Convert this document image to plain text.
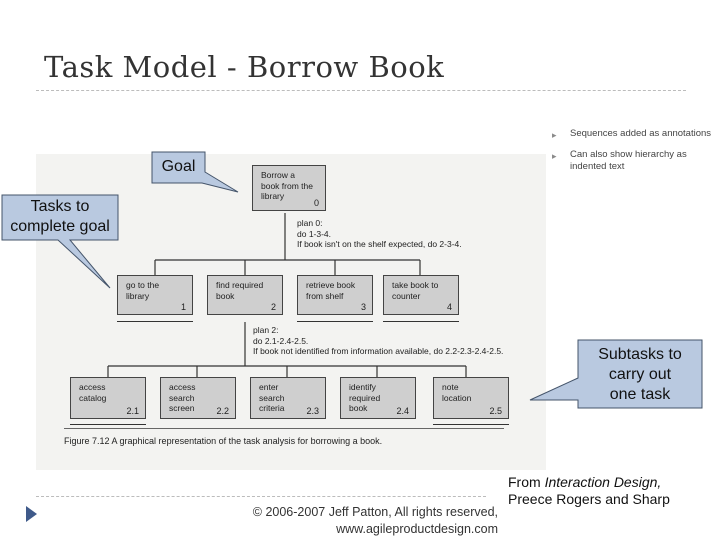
Task Model - Borrow Book
▸ Sequences added as annotations
▸ Can also show hierarchy as indented text
Borrow a
book from the
library
0
plan 0:
do 1-3-4.
If book isn't on the shelf expected, do 2-3-4.
go to the
library
1
find required
book
2
retrieve book
from shelf
3
take book to
counter
4
plan 2:
do 2.1-2.4-2.5.
If book not identified from information available, do 2.2-2.3-2.4-2.5.
access
catalog
2.1
access
search
screen	2.2
enter
search
criteria	2.3
identify
required
book	2.4
note
location
2.5
Figure 7.12 A graphical representation of the task analysis for borrowing a book.
Goal
Tasks to
complete goal
Subtasks to
carry out
one task
© 2006-2007 Jeff Patton, All rights reserved,
www.agileproductdesign.com
From Interaction Design,
Preece Rogers and Sharp
